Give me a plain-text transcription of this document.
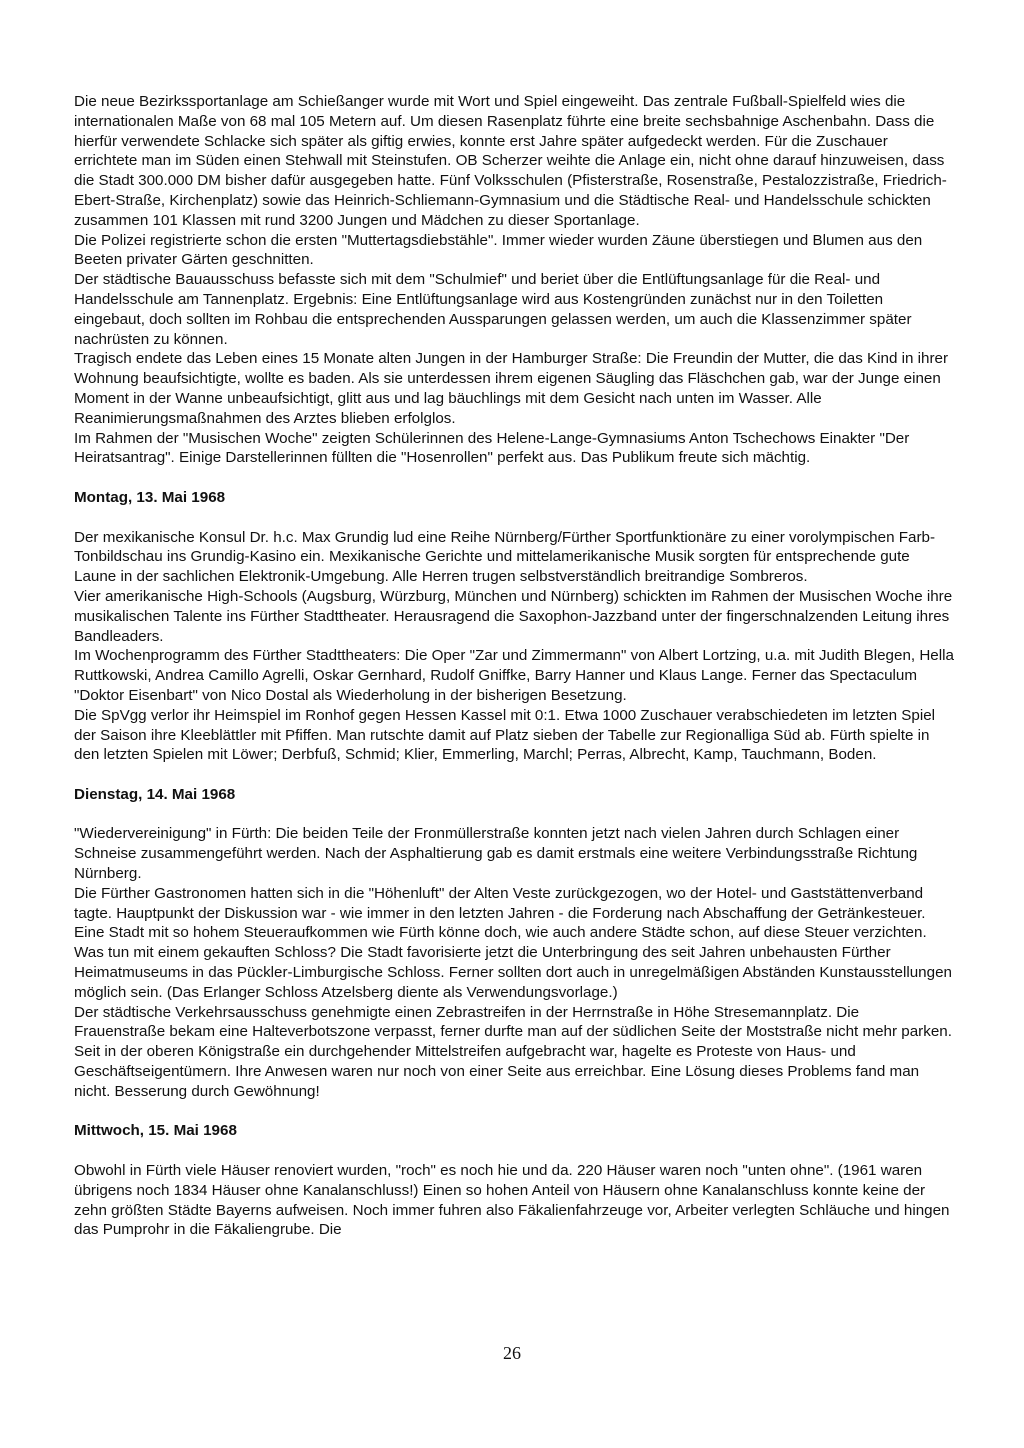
Die neue Bezirkssportanlage am Schießanger wurde mit Wort und Spiel eingeweiht. Das zentrale Fußball-Spielfeld wies die internationalen Maße von 68 mal 105 Metern auf. Um diesen Rasenplatz führte eine breite sechsbahnige Aschenbahn. Dass die hierfür verwendete Schlacke sich später als giftig erwies, konnte erst Jahre später aufgedeckt werden. Für die Zuschauer errichtete man im Süden einen Stehwall mit Steinstufen. OB Scherzer weihte die Anlage ein, nicht ohne darauf hinzuweisen, dass die Stadt 300.000 DM bisher dafür ausgegeben hatte. Fünf Volksschulen (Pfisterstraße, Rosenstraße, Pestalozzistraße, Friedrich-Ebert-Straße, Kirchenplatz) sowie das Heinrich-Schliemann-Gymnasium und die Städtische Real- und Handelsschule schickten zusammen 101 Klassen mit rund 3200 Jungen und Mädchen zu dieser Sportanlage.

Die Polizei registrierte schon die ersten "Muttertagsdiebstähle". Immer wieder wurden Zäune überstiegen und Blumen aus den Beeten privater Gärten geschnitten.

Der städtische Bauausschuss befasste sich mit dem "Schulmief" und beriet über die Entlüftungsanlage für die Real- und Handelsschule am Tannenplatz. Ergebnis: Eine Entlüftungsanlage wird aus Kostengründen zunächst nur in den Toiletten eingebaut, doch sollten im Rohbau die entsprechenden Aussparungen gelassen werden, um auch die Klassenzimmer später nachrüsten zu können.

Tragisch endete das Leben eines 15 Monate alten Jungen in der Hamburger Straße: Die Freundin der Mutter, die das Kind in ihrer Wohnung beaufsichtigte, wollte es baden. Als sie unterdessen ihrem eigenen Säugling das Fläschchen gab, war der Junge einen Moment in der Wanne unbeaufsichtigt, glitt aus und lag bäuchlings mit dem Gesicht nach unten im Wasser. Alle Reanimierungsmaßnahmen des Arztes blieben erfolglos.

Im Rahmen der "Musischen Woche" zeigten Schülerinnen des Helene-Lange-Gymnasiums Anton Tschechows Einakter "Der Heiratsantrag". Einige Darstellerinnen füllten die "Hosenrollen" perfekt aus. Das Publikum freute sich mächtig.

Montag, 13. Mai 1968

Der mexikanische Konsul Dr. h.c. Max Grundig lud eine Reihe Nürnberg/Fürther Sportfunktionäre zu einer vorolympischen Farb-Tonbildschau ins Grundig-Kasino ein. Mexikanische Gerichte und mittelamerikanische Musik sorgten für entsprechende gute Laune in der sachlichen Elektronik-Umgebung. Alle Herren trugen selbstverständlich breitrandige Sombreros.

Vier amerikanische High-Schools (Augsburg, Würzburg, München und Nürnberg) schickten im Rahmen der Musischen Woche ihre musikalischen Talente ins Fürther Stadttheater. Herausragend die Saxophon-Jazzband unter der fingerschnalzenden Leitung ihres Bandleaders.

Im Wochenprogramm des Fürther Stadttheaters: Die Oper "Zar und Zimmermann" von Albert Lortzing, u.a. mit Judith Blegen, Hella Ruttkowski, Andrea Camillo Agrelli, Oskar Gernhard, Rudolf Gniffke, Barry Hanner und Klaus Lange. Ferner das Spectaculum "Doktor Eisenbart" von Nico Dostal als Wiederholung in der bisherigen Besetzung.

Die SpVgg verlor ihr Heimspiel im Ronhof gegen Hessen Kassel mit 0:1. Etwa 1000 Zuschauer verabschiedeten im letzten Spiel der Saison ihre Kleeblättler mit Pfiffen. Man rutschte damit auf Platz sieben der Tabelle zur Regionalliga Süd ab. Fürth spielte in den letzten Spielen mit Löwer; Derbfuß, Schmid; Klier, Emmerling, Marchl; Perras, Albrecht, Kamp, Tauchmann, Boden.

Dienstag, 14. Mai 1968

"Wiedervereinigung" in Fürth: Die beiden Teile der Fronmüllerstraße konnten jetzt nach vielen Jahren durch Schlagen einer Schneise zusammengeführt werden. Nach der Asphaltierung gab es damit erstmals eine weitere Verbindungsstraße Richtung Nürnberg.

Die Fürther Gastronomen hatten sich in die "Höhenluft" der Alten Veste zurückgezogen, wo der Hotel- und Gaststättenverband tagte. Hauptpunkt der Diskussion war - wie immer in den letzten Jahren - die Forderung nach Abschaffung der Getränkesteuer. Eine Stadt mit so hohem Steueraufkommen wie Fürth könne doch, wie auch andere Städte schon, auf diese Steuer verzichten.

Was tun mit einem gekauften Schloss? Die Stadt favorisierte jetzt die Unterbringung des seit Jahren unbehausten Fürther Heimatmuseums in das Pückler-Limburgische Schloss. Ferner sollten dort auch in unregelmäßigen Abständen Kunstausstellungen möglich sein. (Das Erlanger Schloss Atzelsberg diente als Verwendungsvorlage.)

Der städtische Verkehrsausschuss genehmigte einen Zebrastreifen in der Herrnstraße in Höhe Stresemannplatz. Die Frauenstraße bekam eine Halteverbotszone verpasst, ferner durfte man auf der südlichen Seite der Moststraße nicht mehr parken. Seit in der oberen Königstraße ein durchgehender Mittelstreifen aufgebracht war, hagelte es Proteste von Haus- und Geschäftseigentümern. Ihre Anwesen waren nur noch von einer Seite aus erreichbar. Eine Lösung dieses Problems fand man nicht. Besserung durch Gewöhnung!

Mittwoch, 15. Mai 1968

Obwohl in Fürth viele Häuser renoviert wurden, "roch" es noch hie und da. 220 Häuser waren noch "unten ohne". (1961 waren übrigens noch 1834 Häuser ohne Kanalanschluss!) Einen so hohen Anteil von Häusern ohne Kanalanschluss konnte keine der zehn größten Städte Bayerns aufweisen. Noch immer fuhren also Fäkalienfahrzeuge vor, Arbeiter verlegten Schläuche und hingen das Pumprohr in die Fäkaliengrube. Die

26
